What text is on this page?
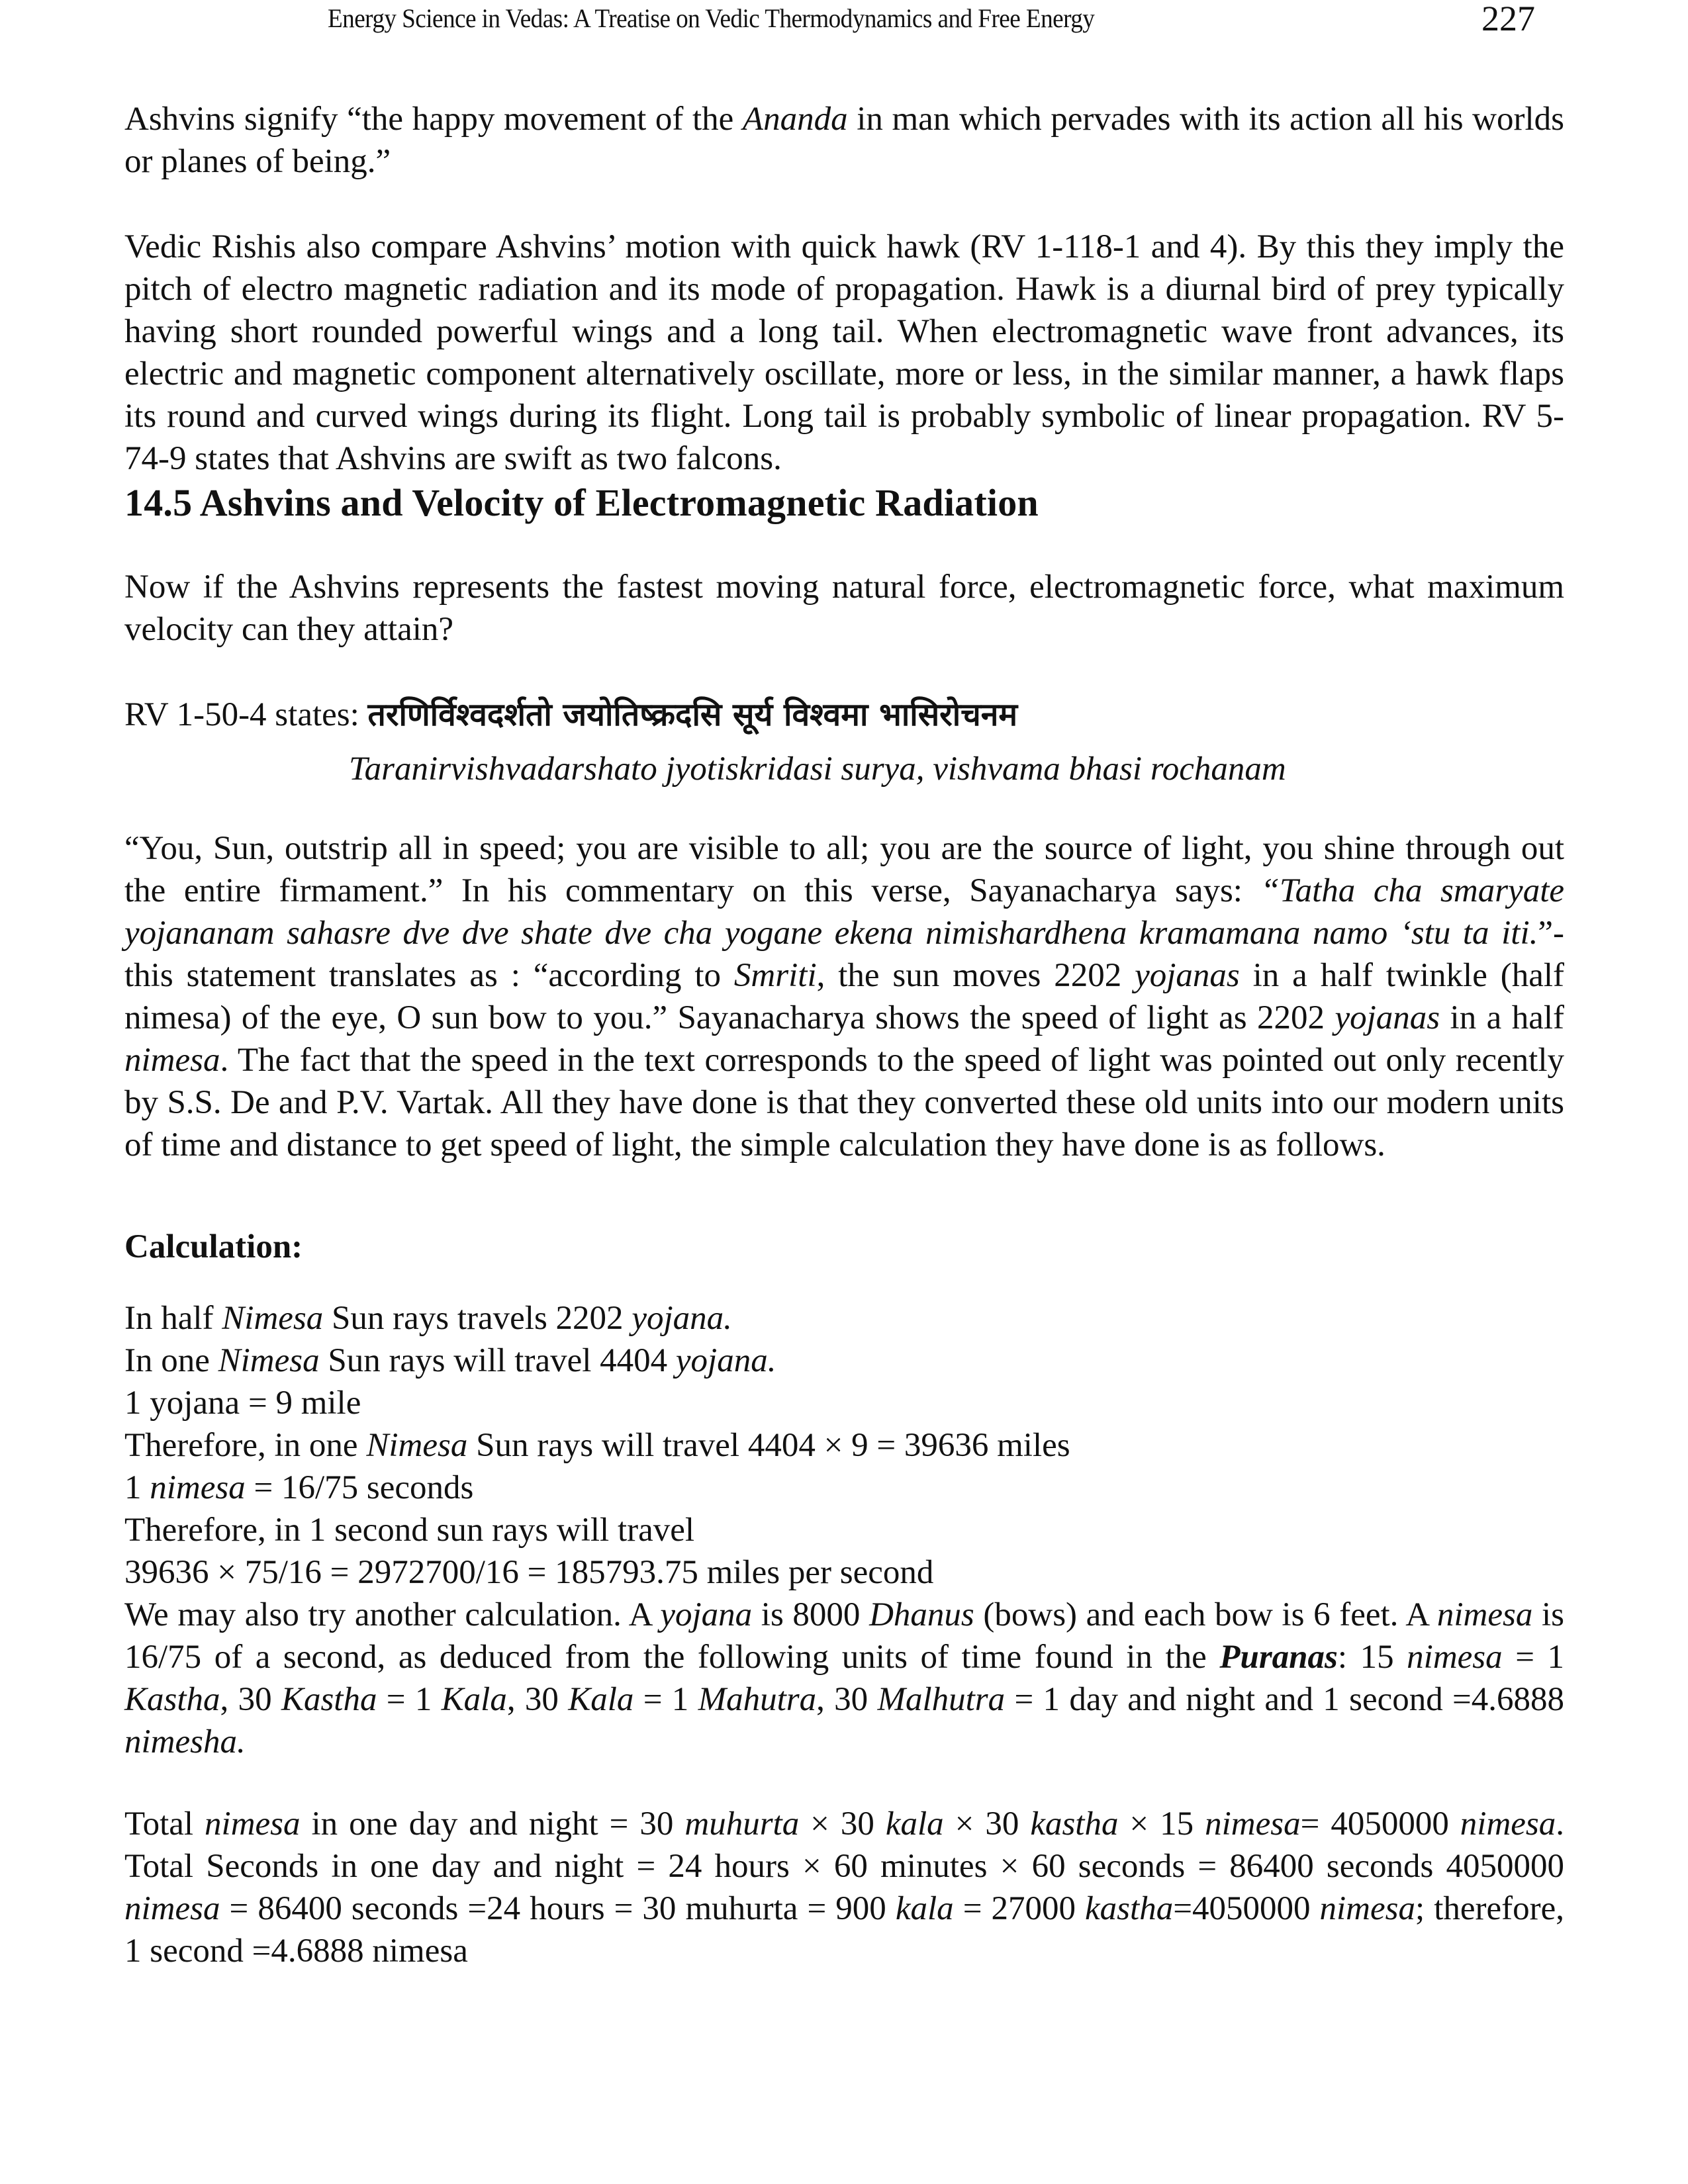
Energy Science in Vedas: A Treatise on Vedic Thermodynamics and Free Energy	227

Ashvins signify “the happy movement of the Ananda in man which pervades with its action all his worlds or planes of being.”

Vedic Rishis also compare Ashvins’ motion with quick hawk (RV 1-118-1 and 4). By this they imply the pitch of electro magnetic radiation and its mode of propagation. Hawk is a diurnal bird of prey typically having short rounded powerful wings and a long tail. When electromagnetic wave front advances, its electric and magnetic component alternatively oscillate, more or less, in the similar manner, a hawk flaps its round and curved wings during its flight. Long tail is probably symbolic of linear propagation. RV 5-74-9 states that Ashvins are swift as two falcons.

14.5 Ashvins and Velocity of Electromagnetic Radiation

Now if the Ashvins represents the fastest moving natural force, electromagnetic force, what maximum velocity can they attain?

RV 1-50-4 states: तरणिर्विश्वदर्शतो जयोतिष्क्रदसि सूर्य विश्वमा भासिरोचनम

Taranirvishvadarshato jyotiskridasi surya, vishvama bhasi rochanam

“You, Sun, outstrip all in speed; you are visible to all; you are the source of light, you shine through out the entire firmament.” In his commentary on this verse, Sayanacharya says: “Tatha cha smaryate yojananam sahasre dve dve shate dve cha yogane ekena nimishardhena kramamana namo ‘stu ta iti.”- this statement translates as : “according to Smriti, the sun moves 2202 yojanas in a half twinkle (half nimesa) of the eye, O sun bow to you.” Sayanacharya shows the speed of light as 2202 yojanas in a half nimesa. The fact that the speed in the text corresponds to the speed of light was pointed out only recently by S.S. De and P.V. Vartak. All they have done is that they converted these old units into our modern units of time and distance to get speed of light, the simple calculation they have done is as follows.

Calculation:

In half Nimesa Sun rays travels 2202 yojana.

In one Nimesa Sun rays will travel 4404 yojana.

1 yojana = 9 mile

Therefore, in one Nimesa Sun rays will travel 4404 × 9 = 39636 miles

1 nimesa = 16/75 seconds

Therefore, in 1 second sun rays will travel

39636 × 75/16 = 2972700/16 = 185793.75 miles per second

We may also try another calculation. A yojana is 8000 Dhanus (bows) and each bow is 6 feet. A nimesa is 16/75 of a second, as deduced from the following units of time found in the Puranas: 15 nimesa = 1 Kastha, 30 Kastha = 1 Kala, 30 Kala = 1 Mahutra, 30 Malhutra = 1 day and night and 1 second =4.6888 nimesha.

Total nimesa in one day and night = 30 muhurta × 30 kala × 30 kastha × 15 nimesa= 4050000 nimesa. Total Seconds in one day and night = 24 hours × 60 minutes × 60 seconds = 86400 seconds 4050000 nimesa = 86400 seconds =24 hours = 30 muhurta = 900 kala = 27000 kastha=4050000 nimesa; therefore, 1 second =4.6888 nimesa
